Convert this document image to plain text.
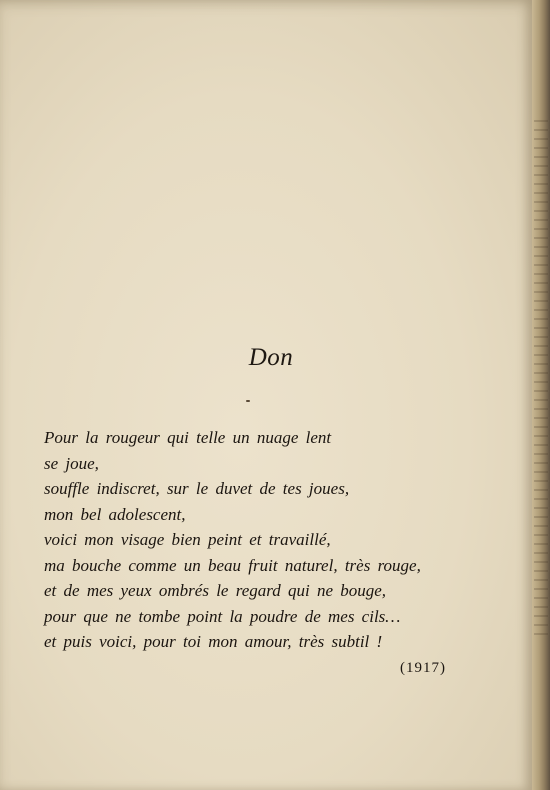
Don
Pour la rougeur qui telle un nuage lent
se joue,
souffle indiscret, sur le duvet de tes joues,
mon bel adolescent,
voici mon visage bien peint et travaillé,
ma bouche comme un beau fruit naturel, très rouge,
et de mes yeux ombrés le regard qui ne bouge,
pour que ne tombe point la poudre de mes cils…
et puis voici, pour toi mon amour, très subtil !
(1917)
